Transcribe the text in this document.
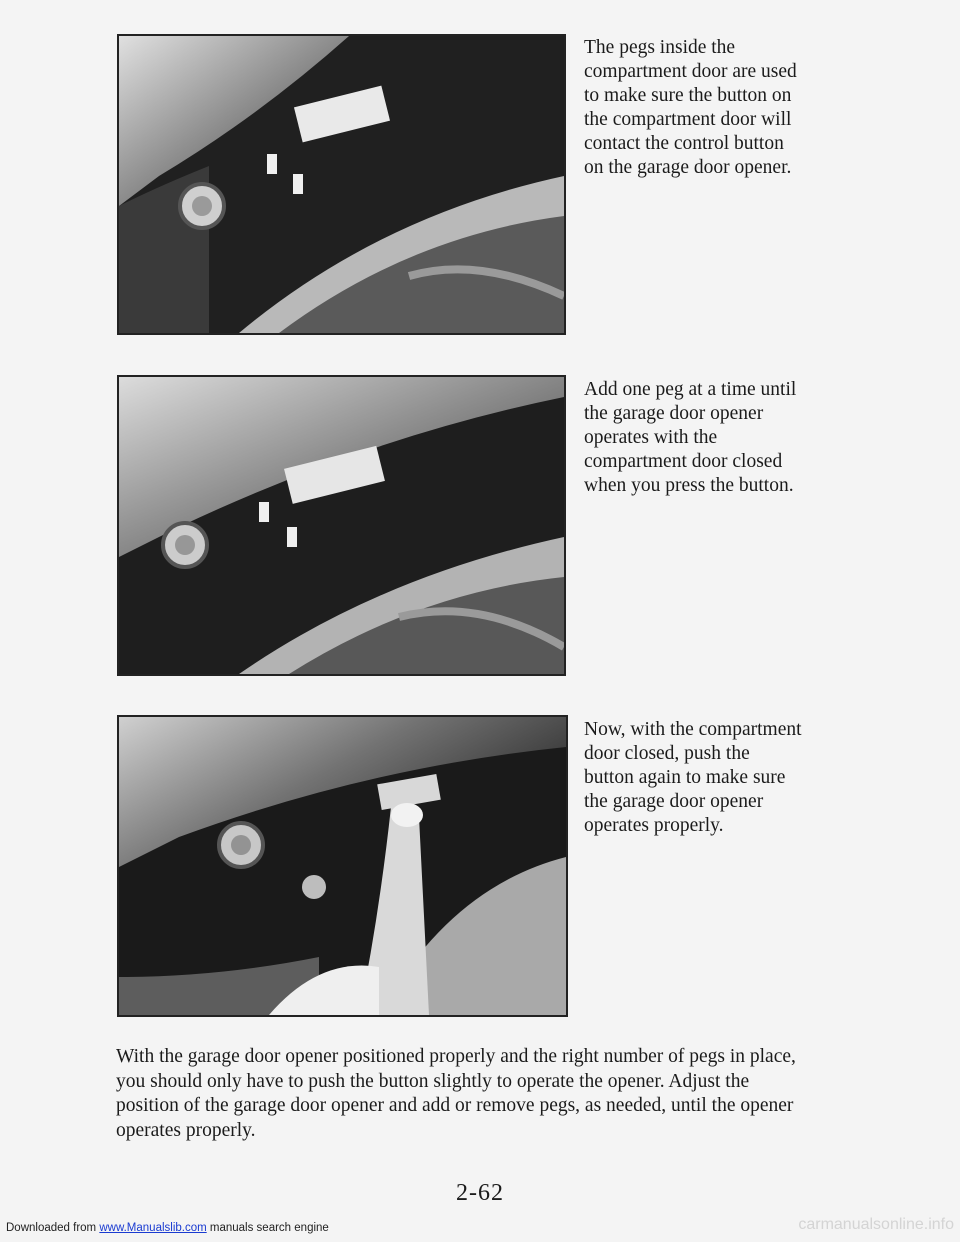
The pegs inside the compartment door are used to make sure the button on the compartment door will contact the control button on the garage door opener.

Add one peg at a time until the garage door opener operates with the compartment door closed when you press the button.

Now, with the compartment door closed, push the button again to make sure the garage door opener operates properly.

With the garage door opener positioned properly and the right number of pegs in place, you should only have to push the button slightly to operate the opener. Adjust the position of the garage door opener and add or remove pegs, as needed, until the opener operates properly.
2-62
Downloaded from www.Manualslib.com manuals search engine	carmanualsonline.info
